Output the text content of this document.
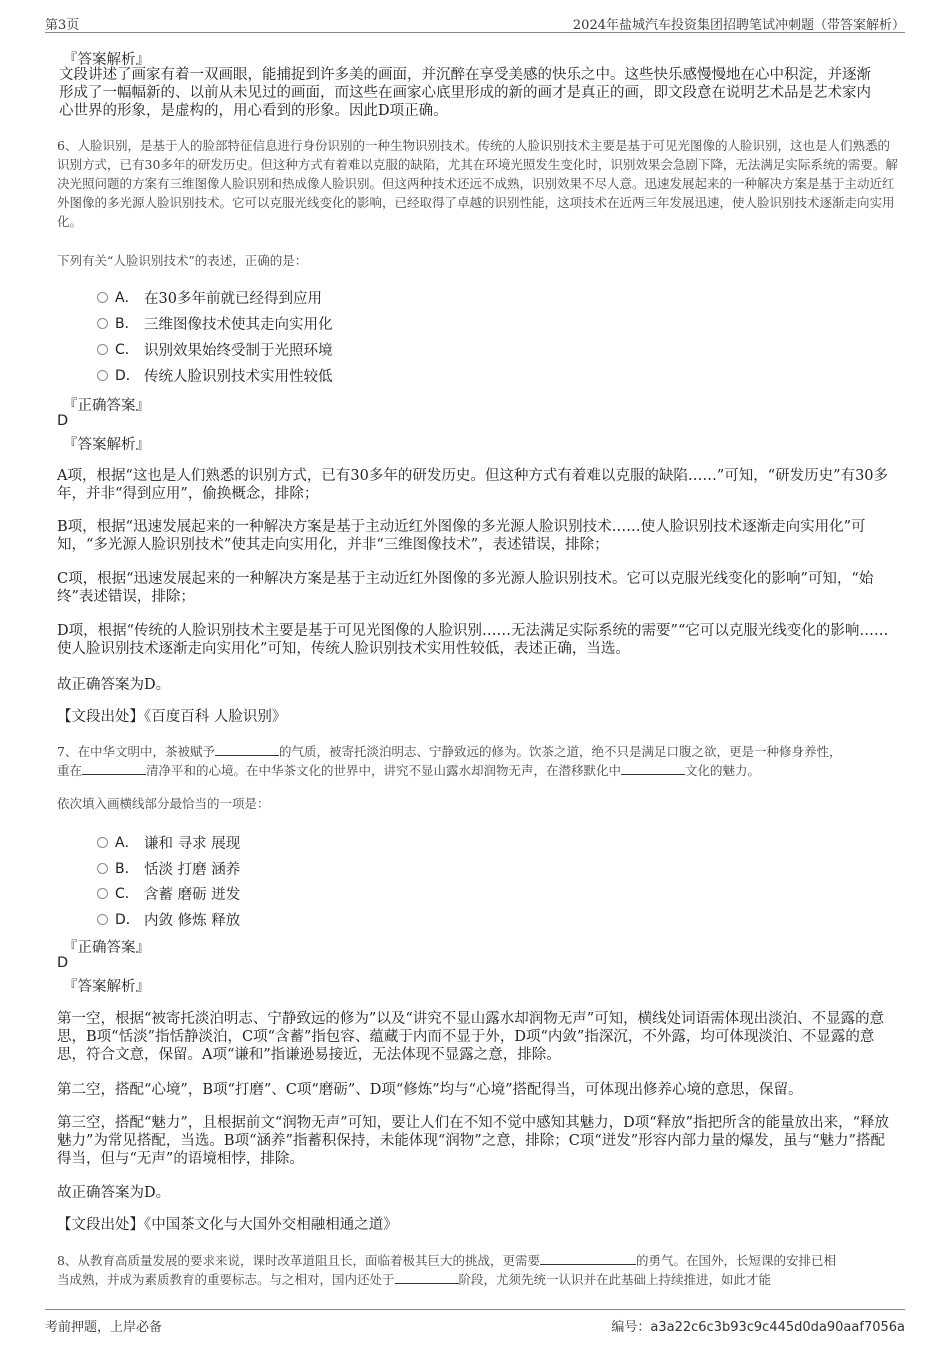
第3页	2024年盐城汽车投资集团招聘笔试冲刺题（带答案解析）
『答案解析』
文段讲述了画家有着一双画眼，能捕捉到许多美的画面，并沉醉在享受美感的快乐之中。这些快乐感慢慢地在心中积淀，并逐渐形成了一幅幅新的、以前从未见过的画面，而这些在画家心底里形成的新的画才是真正的画，即文段意在说明艺术品是艺术家内心世界的形象，是虚构的，用心看到的形象。因此D项正确。
6、人脸识别，是基于人的脸部特征信息进行身份识别的一种生物识别技术。传统的人脸识别技术主要是基于可见光图像的人脸识别，这也是人们熟悉的识别方式，已有30多年的研发历史。但这种方式有着难以克服的缺陷，尤其在环境光照发生变化时，识别效果会急剧下降，无法满足实际系统的需要。解决光照问题的方案有三维图像人脸识别和热成像人脸识别。但这两种技术还远不成熟，识别效果不尽人意。迅速发展起来的一种解决方案是基于主动近红外图像的多光源人脸识别技术。它可以克服光线变化的影响，已经取得了卓越的识别性能，这项技术在近两三年发展迅速，使人脸识别技术逐渐走向实用化。
下列有关“人脸识别技术”的表述，正确的是：
A． 在30多年前就已经得到应用
B． 三维图像技术使其走向实用化
C． 识别效果始终受制于光照环境
D． 传统人脸识别技术实用性较低
『正确答案』
D
『答案解析』
A项，根据“这也是人们熟悉的识别方式，已有30多年的研发历史。但这种方式有着难以克服的缺陷……”可知，“研发历史”有30多年，并非“得到应用”，偷换概念，排除；
B项，根据“迅速发展起来的一种解决方案是基于主动近红外图像的多光源人脸识别技术……使人脸识别技术逐渐走向实用化”可知，“多光源人脸识别技术”使其走向实用化，并非“三维图像技术”，表述错误，排除；
C项，根据“迅速发展起来的一种解决方案是基于主动近红外图像的多光源人脸识别技术。它可以克服光线变化的影响”可知，“始终”表述错误，排除；
D项，根据“传统的人脸识别技术主要是基于可见光图像的人脸识别……无法满足实际系统的需要”“它可以克服光线变化的影响……使人脸识别技术逐渐走向实用化”可知，传统人脸识别技术实用性较低，表述正确，当选。
故正确答案为D。
【文段出处】《百度百科 人脸识别》
7、在中华文明中，茶被赋予	的气质，被寄托淡泊明志、宁静致远的修为。饮茶之道，绝不只是满足口腹之欲，更是一种修身养性，
重在	清净平和的心境。在中华茶文化的世界中，讲究不显山露水却润物无声，在潜移默化中	文化的魅力。
依次填入画横线部分最恰当的一项是：
A． 谦和 寻求 展现
B． 恬淡 打磨 涵养
C． 含蓄 磨砺 迸发
D． 内敛 修炼 释放
『正确答案』
D
『答案解析』
第一空，根据“被寄托淡泊明志、宁静致远的修为”以及“讲究不显山露水却润物无声”可知，横线处词语需体现出淡泊、不显露的意思，B项“恬淡”指恬静淡泊，C项“含蓄”指包容、蕴藏于内而不显于外，D项“内敛”指深沉，不外露，均可体现淡泊、不显露的意思，符合文意，保留。A项“谦和”指谦逊易接近，无法体现不显露之意，排除。
第二空，搭配“心境”，B项“打磨”、C项“磨砺”、D项“修炼”均与“心境”搭配得当，可体现出修养心境的意思，保留。
第三空，搭配“魅力”，且根据前文“润物无声”可知，要让人们在不知不觉中感知其魅力，D项“释放”指把所含的能量放出来，“释放魅力”为常见搭配，当选。B项“涵养”指蓄积保持，未能体现“润物”之意，排除；C项“迸发”形容内部力量的爆发，虽与“魅力”搭配得当，但与“无声”的语境相悖，排除。
故正确答案为D。
【文段出处】《中国茶文化与大国外交相融相通之道》
8、从教育高质量发展的要求来说，课时改革道阻且长，面临着极其巨大的挑战，更需要	的勇气。在国外，长短课的安排已相
当成熟，并成为素质教育的重要标志。与之相对，国内还处于	阶段，尤须先统一认识并在此基础上持续推进，如此才能
考前押题，上岸必备	编号：a3a22c6c3b93c9c445d0da90aaf7056a
